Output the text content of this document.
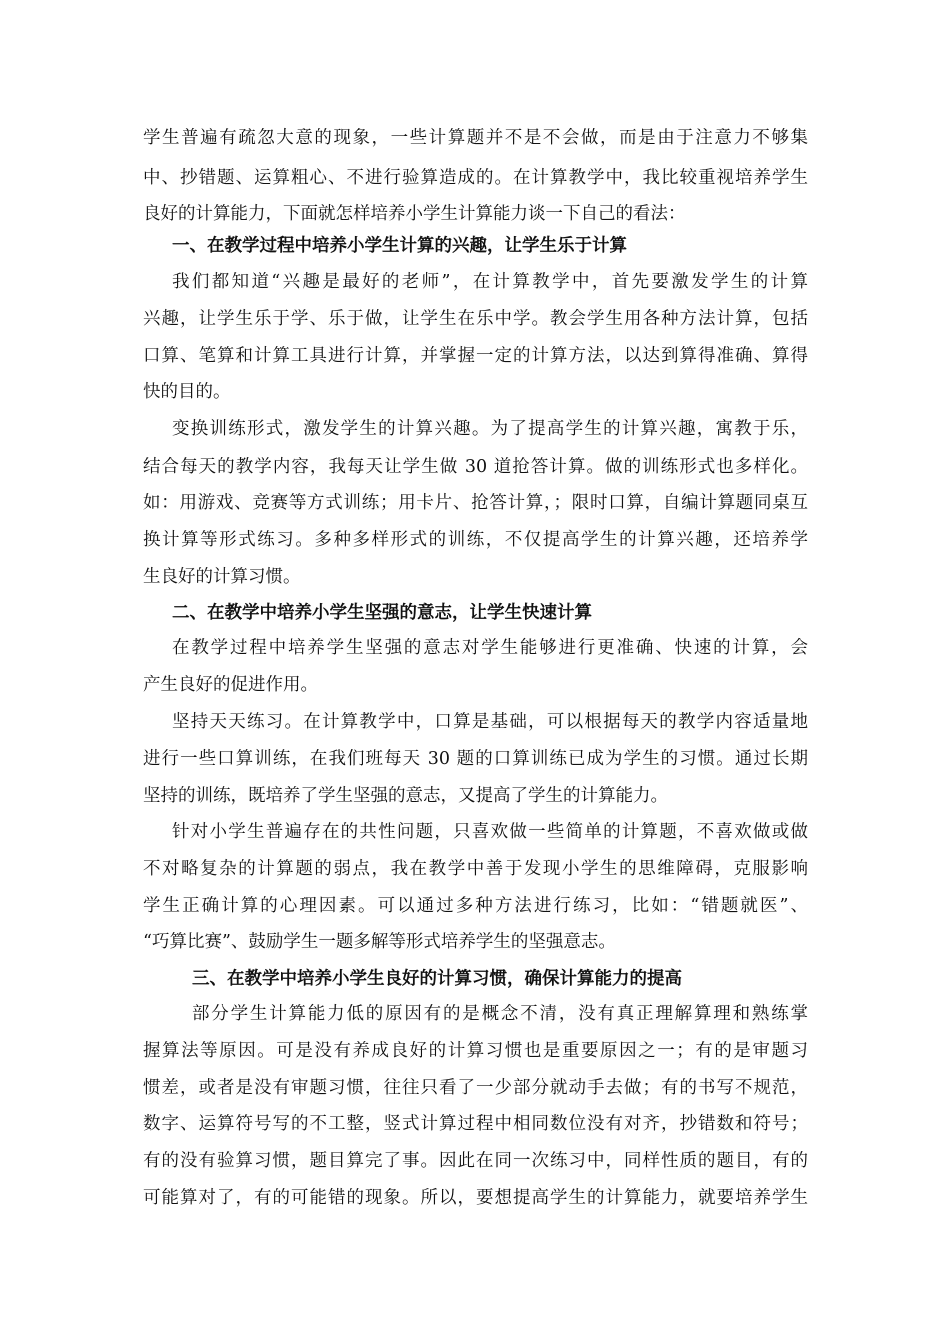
学生普遍有疏忽大意的现象，一些计算题并不是不会做，而是由于注意力不够集
中、抄错题、运算粗心、不进行验算造成的。在计算教学中，我比较重视培养学生
良好的计算能力，下面就怎样培养小学生计算能力谈一下自己的看法：
一、在教学过程中培养小学生计算的兴趣，让学生乐于计算
我们都知道“兴趣是最好的老师”，在计算教学中，首先要激发学生的计算
兴趣，让学生乐于学、乐于做，让学生在乐中学。教会学生用各种方法计算，包括
口算、笔算和计算工具进行计算，并掌握一定的计算方法，以达到算得准确、算得
快的目的。
变换训练形式，激发学生的计算兴趣。为了提高学生的计算兴趣，寓教于乐，
结合每天的教学内容，我每天让学生做 30 道抢答计算。做的训练形式也多样化。
如：用游戏、竞赛等方式训练；用卡片、抢答计算，；限时口算，自编计算题同桌互
换计算等形式练习。多种多样形式的训练，不仅提高学生的计算兴趣，还培养学
生良好的计算习惯。
二、在教学中培养小学生坚强的意志，让学生快速计算
在教学过程中培养学生坚强的意志对学生能够进行更准确、快速的计算，会
产生良好的促进作用。
坚持天天练习。在计算教学中，口算是基础，可以根据每天的教学内容适量地
进行一些口算训练，在我们班每天 30 题的口算训练已成为学生的习惯。通过长期
坚持的训练，既培养了学生坚强的意志，又提高了学生的计算能力。
针对小学生普遍存在的共性问题，只喜欢做一些简单的计算题，不喜欢做或做
不对略复杂的计算题的弱点，我在教学中善于发现小学生的思维障碍，克服影响
学生正确计算的心理因素。可以通过多种方法进行练习，比如：“错题就医”、
“巧算比赛”、鼓励学生一题多解等形式培养学生的坚强意志。
三、在教学中培养小学生良好的计算习惯，确保计算能力的提高
部分学生计算能力低的原因有的是概念不清，没有真正理解算理和熟练掌
握算法等原因。可是没有养成良好的计算习惯也是重要原因之一；有的是审题习
惯差，或者是没有审题习惯，往往只看了一少部分就动手去做；有的书写不规范，
数字、运算符号写的不工整，竖式计算过程中相同数位没有对齐，抄错数和符号；
有的没有验算习惯，题目算完了事。因此在同一次练习中，同样性质的题目，有的
可能算对了，有的可能错的现象。所以，要想提高学生的计算能力，就要培养学生
